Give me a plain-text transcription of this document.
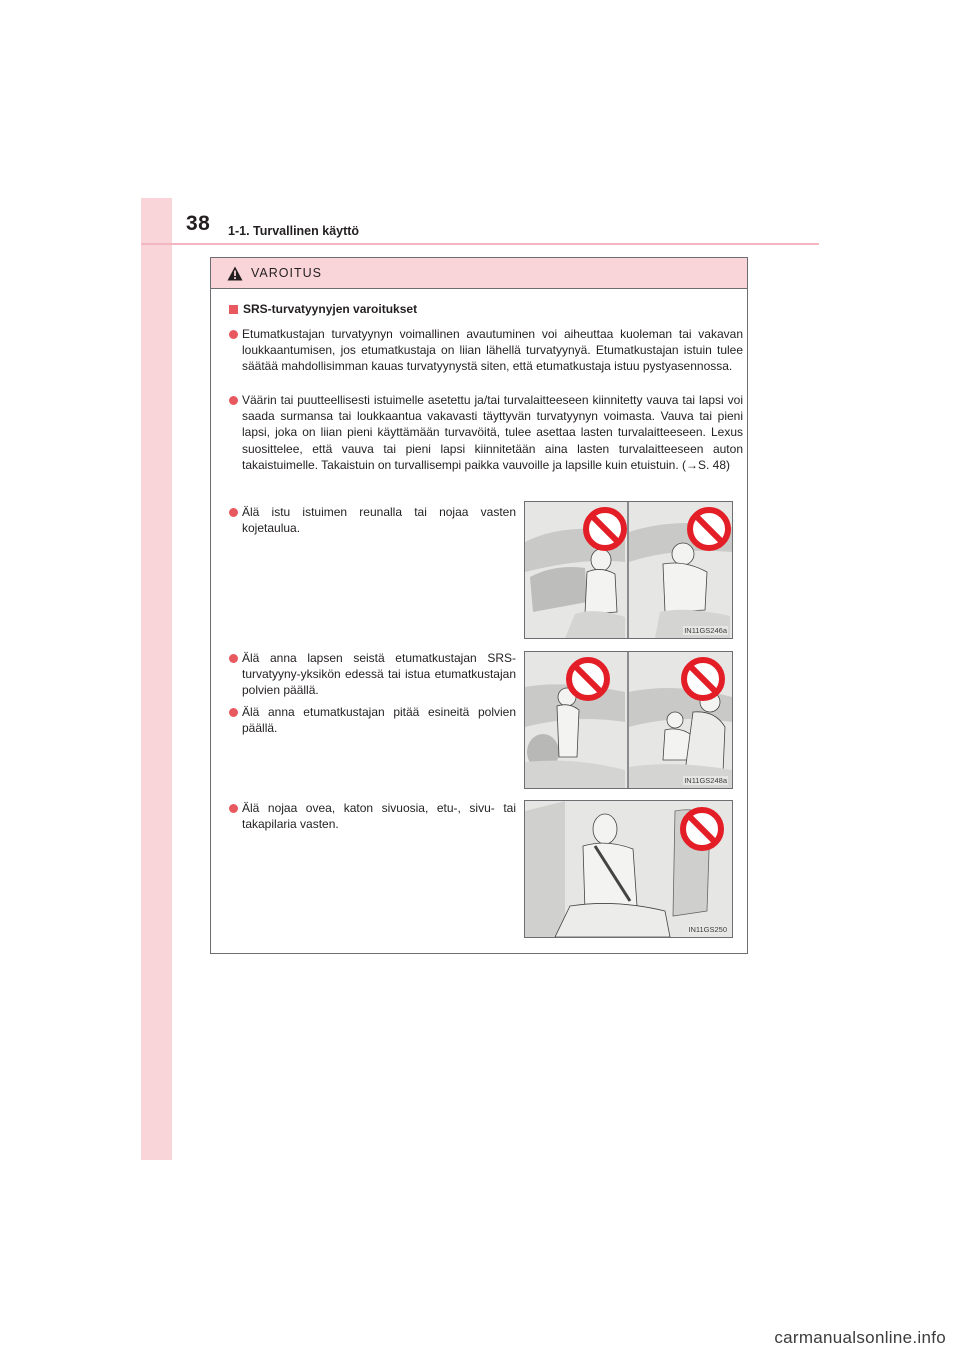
38 1-1. Turvallinen käyttö
VAROITUS
SRS-turvatyynyjen varoitukset
Etumatkustajan turvatyynyn voimallinen avautuminen voi aiheuttaa kuoleman tai vakavan loukkaantumisen, jos etumatkustaja on liian lähellä turvatyynyä. Etumatkustajan istuin tulee säätää mahdollisimman kauas turvatyynystä siten, että etumatkustaja istuu pystyasennossa.
Väärin tai puutteellisesti istuimelle asetettu ja/tai turvalaitteeseen kiinnitetty vauva tai lapsi voi saada surmansa tai loukkaantua vakavasti täyttyvän turvatyynyn voimasta. Vauva tai pieni lapsi, joka on liian pieni käyttämään turvavöitä, tulee asettaa lasten turvalaitteeseen. Lexus suosittelee, että vauva tai pieni lapsi kiinnitetään aina lasten turvalaitteeseen auton takaistuimelle. Takaistuin on turvallisempi paikka vauvoille ja lapsille kuin etuistuin. (→S. 48)
Älä istu istuimen reunalla tai nojaa vasten kojetaulua.
Älä anna lapsen seistä etumatkustajan SRS-turvatyyny-yksikön edessä tai istua etumatkustajan polvien päällä.
Älä anna etumatkustajan pitää esineitä polvien päällä.
Älä nojaa ovea, katon sivuosia, etu-, sivu- tai takapilaria vasten.
IN11GS246a
IN11GS248a
IN11GS250
carmanualsonline.info
